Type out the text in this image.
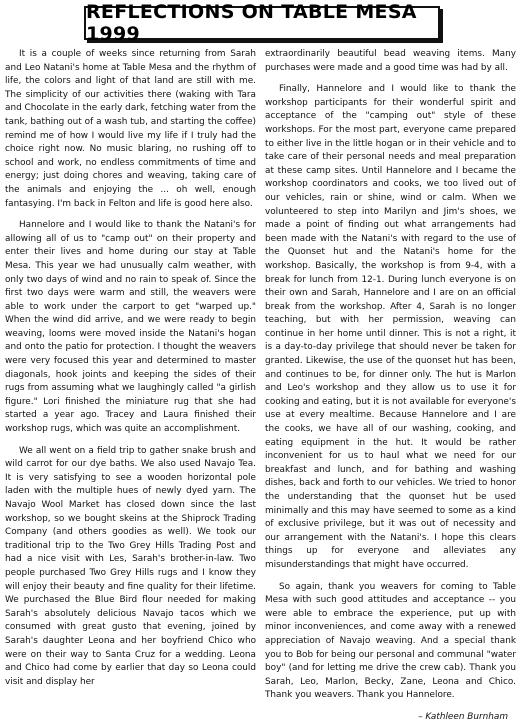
REFLECTIONS ON TABLE MESA 1999

It is a couple of weeks since returning from Sarah and Leo Natani's home at Table Mesa and the rhythm of life, the colors and light of that land are still with me. The simplicity of our activities there (waking with Tara and Chocolate in the early dark, fetching water from the tank, bathing out of a wash tub, and starting the coffee) remind me of how I would live my life if I truly had the choice right now. No music blaring, no rushing off to school and work, no endless commitments of time and energy; just doing chores and weaving, taking care of the animals and enjoying the ... oh well, enough fantasying. I'm back in Felton and life is good here also.

Hannelore and I would like to thank the Natani's for allowing all of us to "camp out" on their property and enter their lives and home during our stay at Table Mesa. This year we had unusually calm weather, with only two days of wind and no rain to speak of. Since the first two days were warm and still, the weavers were able to work under the carport to get "warped up." When the wind did arrive, and we were ready to begin weaving, looms were moved inside the Natani's hogan and onto the patio for protection. I thought the weavers were very focused this year and determined to master diagonals, hook joints and keeping the sides of their rugs from assuming what we laughingly called "a girlish figure." Lori finished the miniature rug that she had started a year ago. Tracey and Laura finished their workshop rugs, which was quite an accomplishment.

We all went on a field trip to gather snake brush and wild carrot for our dye baths. We also used Navajo Tea. It is very satisfying to see a wooden horizontal pole laden with the multiple hues of newly dyed yarn. The Navajo Wool Market has closed down since the last workshop, so we bought skeins at the Shiprock Trading Company (and others goodies as well). We took our traditional trip to the Two Grey Hills Trading Post and had a nice visit with Les, Sarah's brother-in-law. Two people purchased Two Grey Hills rugs and I know they will enjoy their beauty and fine quality for their lifetime. We purchased the Blue Bird flour needed for making Sarah's absolutely delicious Navajo tacos which we consumed with great gusto that evening, joined by Sarah's daughter Leona and her boyfriend Chico who were on their way to Santa Cruz for a wedding. Leona and Chico had come by earlier that day so Leona could visit and display her

extraordinarily beautiful bead weaving items. Many purchases were made and a good time was had by all.

Finally, Hannelore and I would like to thank the workshop participants for their wonderful spirit and acceptance of the "camping out" style of these workshops. For the most part, everyone came prepared to either live in the little hogan or in their vehicle and to take care of their personal needs and meal preparation at these camp sites. Until Hannelore and I became the workshop coordinators and cooks, we too lived out of our vehicles, rain or shine, wind or calm. When we volunteered to step into Marilyn and Jim's shoes, we made a point of finding out what arrangements had been made with the Natani's with regard to the use of the Quonset hut and the Natani's home for the workshop. Basically, the workshop is from 9-4, with a break for lunch from 12-1. During lunch everyone is on their own and Sarah, Hannelore and I are on an official break from the workshop. After 4, Sarah is no longer teaching, but with her permission, weaving can continue in her home until dinner. This is not a right, it is a day-to-day privilege that should never be taken for granted. Likewise, the use of the quonset hut has been, and continues to be, for dinner only. The hut is Marlon and Leo's workshop and they allow us to use it for cooking and eating, but it is not available for everyone's use at every mealtime. Because Hannelore and I are the cooks, we have all of our washing, cooking, and eating equipment in the hut. It would be rather inconvenient for us to haul what we need for our breakfast and lunch, and for bathing and washing dishes, back and forth to our vehicles. We tried to honor the understanding that the quonset hut be used minimally and this may have seemed to some as a kind of exclusive privilege, but it was out of necessity and our arrangement with the Natani's. I hope this clears things up for everyone and alleviates any misunderstandings that might have occurred.

So again, thank you weavers for coming to Table Mesa with such good attitudes and acceptance -- you were able to embrace the experience, put up with minor inconveniences, and come away with a renewed appreciation of Navajo weaving. And a special thank you to Bob for being our personal and communal "water boy" (and for letting me drive the crew cab). Thank you Sarah, Leo, Marlon, Becky, Zane, Leona and Chico. Thank you weavers. Thank you Hannelore.

– Kathleen Burnham
